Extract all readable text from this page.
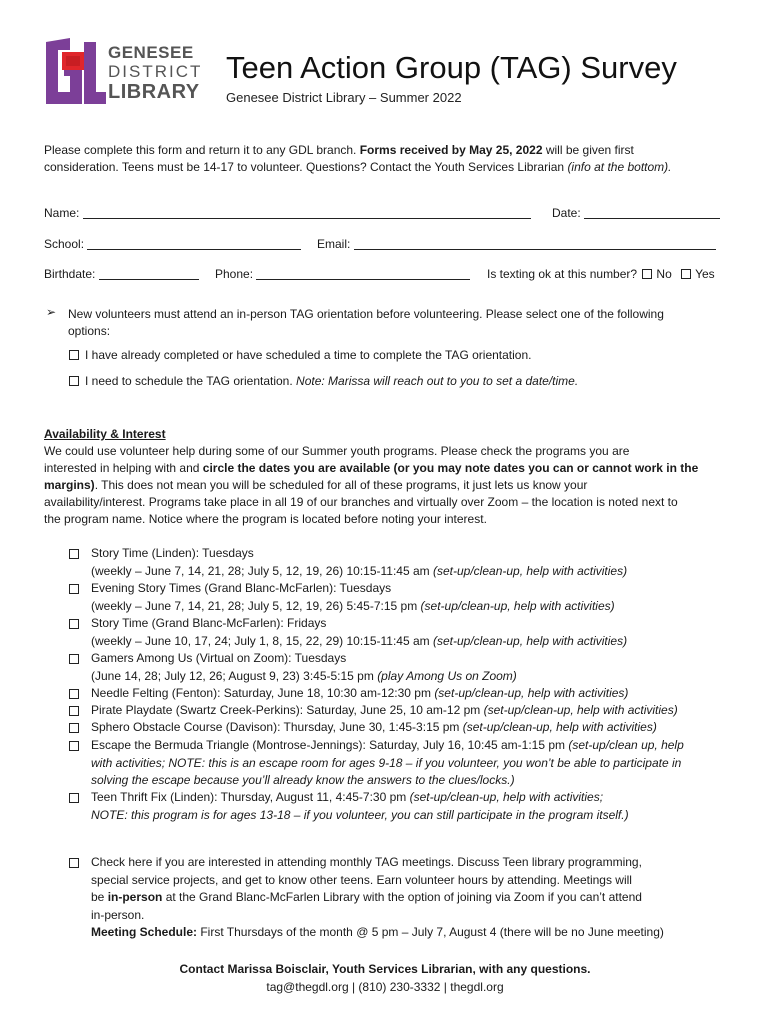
GENESEE
DISTRICT
LIBRARY
Teen Action Group (TAG) Survey
Genesee District Library – Summer 2022
Please complete this form and return it to any GDL branch. Forms received by May 25, 2022 will be given first
consideration. Teens must be 14-17 to volunteer. Questions? Contact the Youth Services Librarian (info at the bottom).
Name:	Date:
School:	Email:
Birthdate:	Phone:	Is texting ok at this number? No Yes
➢ New volunteers must attend an in-person TAG orientation before volunteering. Please select one of the following
options:
I have already completed or have scheduled a time to complete the TAG orientation.
I need to schedule the TAG orientation. Note: Marissa will reach out to you to set a date/time.
Availability & Interest
We could use volunteer help during some of our Summer youth programs. Please check the programs you are
interested in helping with and circle the dates you are available (or you may note dates you can or cannot work in the
margins). This does not mean you will be scheduled for all of these programs, it just lets us know your
availability/interest. Programs take place in all 19 of our branches and virtually over Zoom – the location is noted next to
the program name. Notice where the program is located before noting your interest.
Story Time (Linden): Tuesdays
(weekly – June 7, 14, 21, 28; July 5, 12, 19, 26) 10:15-11:45 am (set-up/clean-up, help with activities)
Evening Story Times (Grand Blanc-McFarlen): Tuesdays
(weekly – June 7, 14, 21, 28; July 5, 12, 19, 26) 5:45-7:15 pm (set-up/clean-up, help with activities)
Story Time (Grand Blanc-McFarlen): Fridays
(weekly – June 10, 17, 24; July 1, 8, 15, 22, 29) 10:15-11:45 am (set-up/clean-up, help with activities)
Gamers Among Us (Virtual on Zoom): Tuesdays
(June 14, 28; July 12, 26; August 9, 23) 3:45-5:15 pm (play Among Us on Zoom)
Needle Felting (Fenton): Saturday, June 18, 10:30 am-12:30 pm (set-up/clean-up, help with activities)
Pirate Playdate (Swartz Creek-Perkins): Saturday, June 25, 10 am-12 pm (set-up/clean-up, help with activities)
Sphero Obstacle Course (Davison): Thursday, June 30, 1:45-3:15 pm (set-up/clean-up, help with activities)
Escape the Bermuda Triangle (Montrose-Jennings): Saturday, July 16, 10:45 am-1:15 pm (set-up/clean up, help
with activities; NOTE: this is an escape room for ages 9-18 – if you volunteer, you won’t be able to participate in
solving the escape because you’ll already know the answers to the clues/locks.)
Teen Thrift Fix (Linden): Thursday, August 11, 4:45-7:30 pm (set-up/clean-up, help with activities;
NOTE: this program is for ages 13-18 – if you volunteer, you can still participate in the program itself.)
Check here if you are interested in attending monthly TAG meetings. Discuss Teen library programming,
special service projects, and get to know other teens. Earn volunteer hours by attending. Meetings will
be in-person at the Grand Blanc-McFarlen Library with the option of joining via Zoom if you can’t attend
in-person.
Meeting Schedule: First Thursdays of the month @ 5 pm – July 7, August 4 (there will be no June meeting)
Contact Marissa Boisclair, Youth Services Librarian, with any questions.
tag@thegdl.org | (810) 230-3332 | thegdl.org
